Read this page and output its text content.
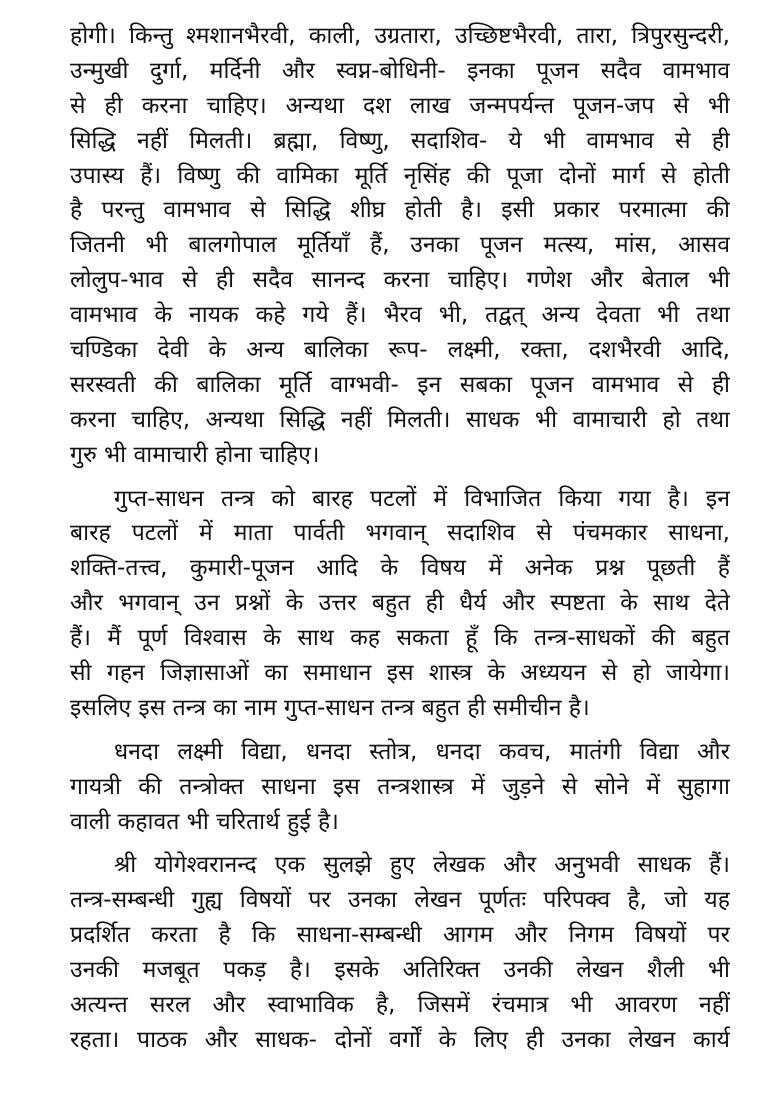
होगी। किन्तु श्मशानभैरवी, काली, उग्रतारा, उच्छिष्टभैरवी, तारा, त्रिपुरसुन्दरी,
उन्मुखी दुर्गा, मर्दिनी और स्वप्न-बोधिनी- इनका पूजन सदैव वामभाव
से ही करना चाहिए। अन्यथा दश लाख जन्मपर्यन्त पूजन-जप से भी
सिद्धि नहीं मिलती। ब्रह्मा, विष्णु, सदाशिव- ये भी वामभाव से ही
उपास्य हैं। विष्णु की वामिका मूर्ति नृसिंह की पूजा दोनों मार्ग से होती
है परन्तु वामभाव से सिद्धि शीघ्र होती है। इसी प्रकार परमात्मा की
जितनी भी बालगोपाल मूर्तियाँ हैं, उनका पूजन मत्स्य, मांस, आसव
लोलुप-भाव से ही सदैव सानन्द करना चाहिए। गणेश और बेताल भी
वामभाव के नायक कहे गये हैं। भैरव भी, तद्वत् अन्य देवता भी तथा
चण्डिका देवी के अन्य बालिका रूप- लक्ष्मी, रक्ता, दशभैरवी आदि,
सरस्वती की बालिका मूर्ति वाग्भवी- इन सबका पूजन वामभाव से ही
करना चाहिए, अन्यथा सिद्धि नहीं मिलती। साधक भी वामाचारी हो तथा
गुरु भी वामाचारी होना चाहिए।
गुप्त-साधन तन्त्र को बारह पटलों में विभाजित किया गया है। इन
बारह पटलों में माता पार्वती भगवान् सदाशिव से पंचमकार साधना,
शक्ति-तत्त्व, कुमारी-पूजन आदि के विषय में अनेक प्रश्न पूछती हैं
और भगवान् उन प्रश्नों के उत्तर बहुत ही धैर्य और स्पष्टता के साथ देते
हैं। मैं पूर्ण विश्वास के साथ कह सकता हूँ कि तन्त्र-साधकों की बहुत
सी गहन जिज्ञासाओं का समाधान इस शास्त्र के अध्ययन से हो जायेगा।
इसलिए इस तन्त्र का नाम गुप्त-साधन तन्त्र बहुत ही समीचीन है।
धनदा लक्ष्मी विद्या, धनदा स्तोत्र, धनदा कवच, मातंगी विद्या और
गायत्री की तन्त्रोक्त साधना इस तन्त्रशास्त्र में जुड़ने से सोने में सुहागा
वाली कहावत भी चरितार्थ हुई है।
श्री योगेश्वरानन्द एक सुलझे हुए लेखक और अनुभवी साधक हैं।
तन्त्र-सम्बन्धी गुह्य विषयों पर उनका लेखन पूर्णतः परिपक्व है, जो यह
प्रदर्शित करता है कि साधना-सम्बन्धी आगम और निगम विषयों पर
उनकी मजबूत पकड़ है। इसके अतिरिक्त उनकी लेखन शैली भी
अत्यन्त सरल और स्वाभाविक है, जिसमें रंचमात्र भी आवरण नहीं
रहता। पाठक और साधक- दोनों वर्गों के लिए ही उनका लेखन कार्य
